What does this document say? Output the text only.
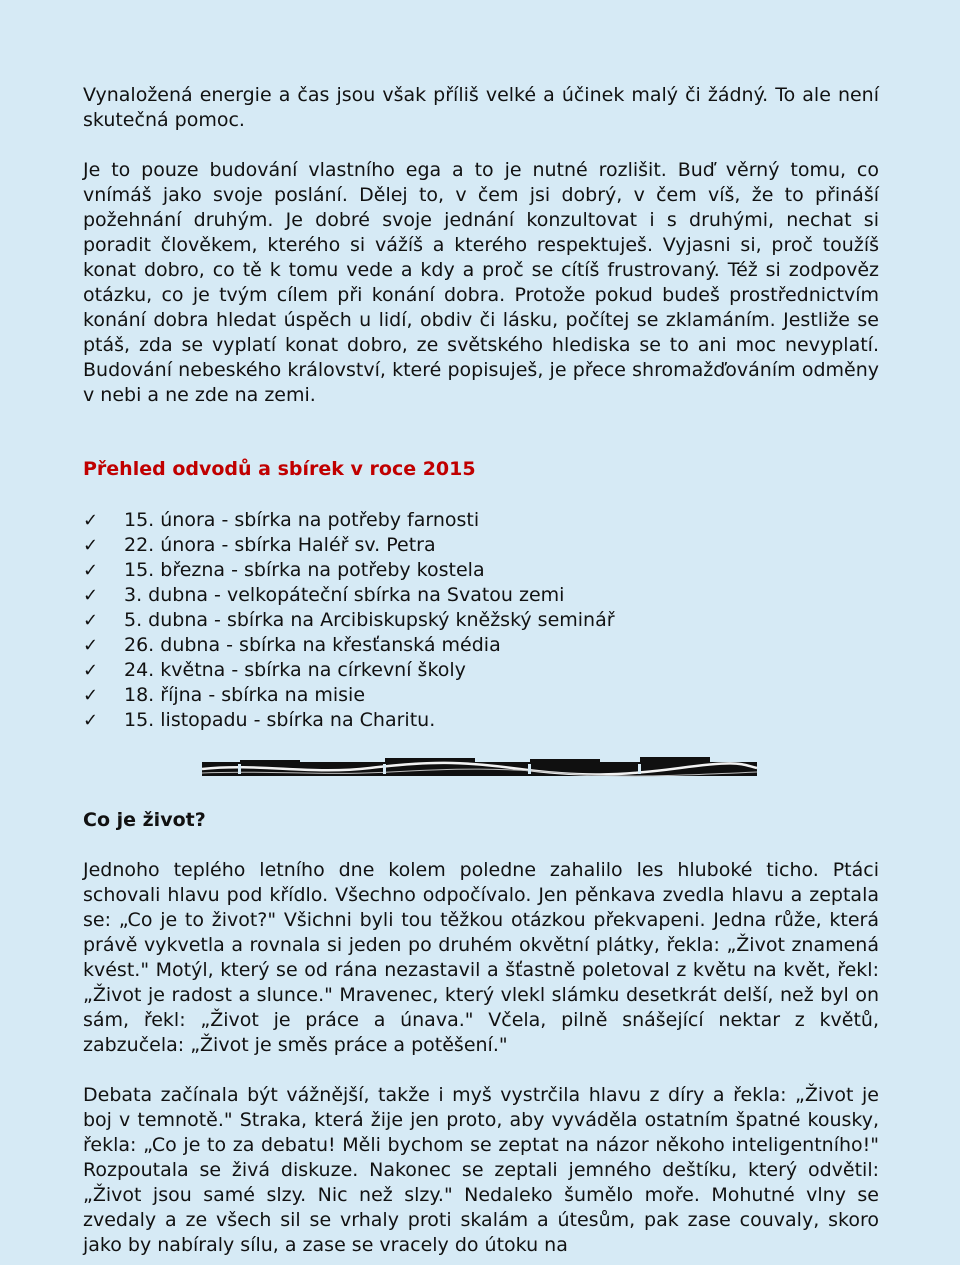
Vynaložená energie a čas jsou však příliš velké a účinek malý či žádný. To ale není skutečná pomoc.

Je to pouze budování vlastního ega a to je nutné rozlišit. Buď věrný tomu, co vnímáš jako svoje poslání. Dělej to, v čem jsi dobrý, v čem víš, že to přináší požehnání druhým. Je dobré svoje jednání konzultovat i s druhými, nechat si poradit člověkem, kterého si vážíš a kterého respektuješ. Vyjasni si, proč toužíš konat dobro, co tě k tomu vede a kdy a proč se cítíš frustrovaný. Též si zodpověz otázku, co je tvým cílem při konání dobra. Protože pokud budeš prostřednictvím konání dobra hledat úspěch u lidí, obdiv či lásku, počítej se zklamáním. Jestliže se ptáš, zda se vyplatí konat dobro, ze světského hlediska se to ani moc nevyplatí. Budování nebeského království, které popisuješ, je přece shromažďováním odměny v nebi a ne zde na zemi.

Přehled odvodů a sbírek v roce 2015
✓	15. února - sbírka na potřeby farnosti
✓	22. února - sbírka Haléř sv. Petra
✓	15. března - sbírka na potřeby kostela
✓	3. dubna - velkopáteční sbírka na Svatou zemi
✓	5. dubna - sbírka na Arcibiskupský kněžský seminář
✓	26. dubna - sbírka na křesťanská média
✓	24. května - sbírka na církevní školy
✓	18. října - sbírka na misie
✓	15. listopadu - sbírka na Charitu.
Co je život?

Jednoho teplého letního dne kolem poledne zahalilo les hluboké ticho. Ptáci schovali hlavu pod křídlo. Všechno odpočívalo. Jen pěnkava zvedla hlavu a zeptala se: „Co je to život?" Všichni byli tou těžkou otázkou překvapeni. Jedna růže, která právě vykvetla a rovnala si jeden po druhém okvětní plátky, řekla: „Život znamená kvést." Motýl, který se od rána nezastavil a šťastně poletoval z květu na květ, řekl: „Život je radost a slunce." Mravenec, který vlekl slámku desetkrát delší, než byl on sám, řekl: „Život je práce a únava." Včela, pilně snášející nektar z květů, zabzučela: „Život je směs práce a potěšení."

Debata začínala být vážnější, takže i myš vystrčila hlavu z díry a řekla: „Život je boj v temnotě." Straka, která žije jen proto, aby vyváděla ostatním špatné kousky, řekla: „Co je to za debatu! Měli bychom se zeptat na názor někoho inteligentního!" Rozpoutala se živá diskuze. Nakonec se zeptali jemného deštíku, který odvětil: „Život jsou samé slzy. Nic než slzy." Nedaleko šumělo moře. Mohutné vlny se zvedaly a ze všech sil se vrhaly proti skalám a útesům, pak zase couvaly, skoro jako by nabíraly sílu, a zase se vracely do útoku na
